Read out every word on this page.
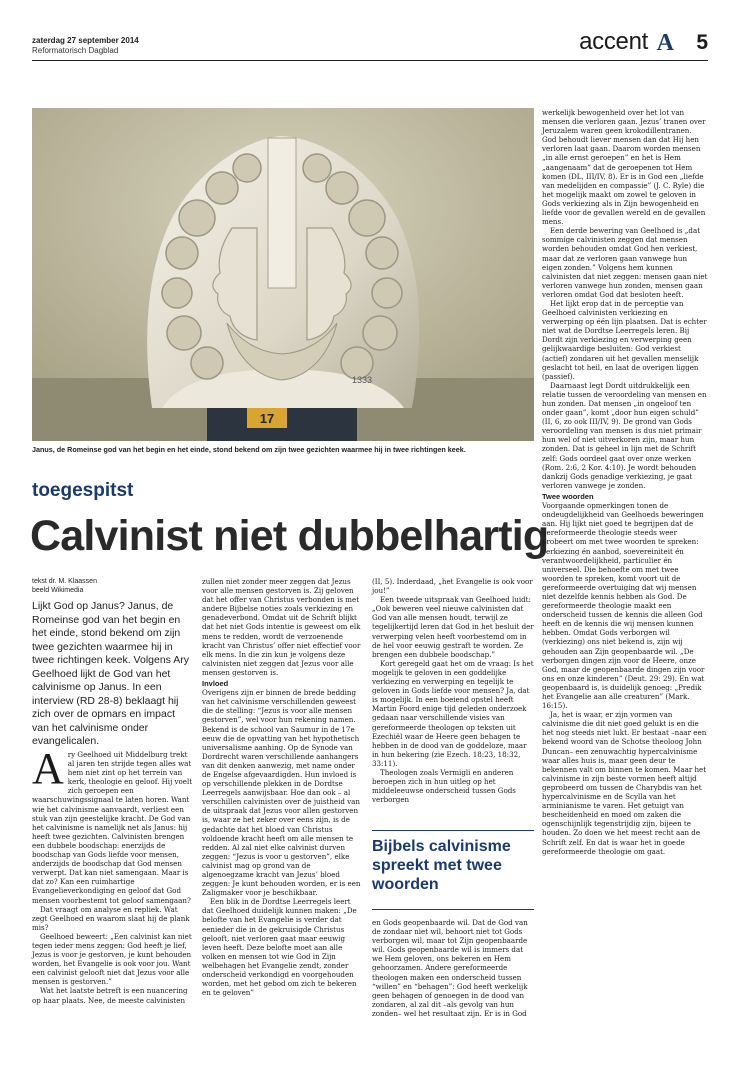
zaterdag 27 september 2014
Reformatorisch Dagblad	accent A 5
17
1333
Janus, de Romeinse god van het begin en het einde, stond bekend om zijn twee gezichten waarmee hij in twee richtingen keek.
toegespitst
Calvinist niet dubbelhartig
tekst dr. M. Klaassen
beeld Wikimedia
Lijkt God op Janus? Janus, de Romeinse god van het begin en het einde, stond bekend om zijn twee gezichten waarmee hij in twee richtingen keek. Volgens Ary Geelhoed lijkt de God van het calvinisme op Janus. In een interview (RD 28-8) beklaagt hij zich over de opmars en impact van het calvinisme onder evangelicalen.

Ary Geelhoed uit Middelburg trekt al jaren ten strijde tegen alles wat hem niet zint op het terrein van kerk, theologie en geloof. Hij voelt zich geroepen een waarschuwingssignaal te laten horen. Want wie het calvinisme aanvaardt, verliest een stuk van zijn geestelijke kracht. De God van het calvinisme is namelijk net als Janus: hij heeft twee gezichten. Calvinisten brengen een dubbele boodschap: enerzijds de boodschap van Gods liefde voor mensen, anderzijds de boodschap dat God mensen verwerpt. Dat kan niet samengaan. Maar is dat zo? Kan een ruimhartige Evangelieverkondiging en geloof dat God mensen voorbestemt tot geloof samengaan?

Dat vraagt om analyse en repliek. Wat zegt Geelhoed en waarom slaat hij de plank mis?

Geelhoed beweert: „Een calvinist kan niet tegen ieder mens zeggen: God heeft je lief, Jezus is voor je gestorven, je kunt behouden worden, het Evangelie is ook voor jou. Want een calvinist gelooft niet dat Jezus voor alle mensen is gestorven.”

Wat het laatste betreft is een nuancering op haar plaats. Nee, de meeste calvinisten

zullen niet zonder meer zeggen dat Jezus voor alle mensen gestorven is. Zij geloven dat het offer van Christus verbonden is met andere Bijbelse noties zoals verkiezing en genadeverbond. Omdat uit de Schrift blijkt dat het niet Gods intentie is geweest om elk mens te redden, wordt de verzoenende kracht van Christus’ offer niet effectief voor elk mens. In die zin kun je volgens deze calvinisten niet zeggen dat Jezus voor alle mensen gestorven is.

Invloed

Overigens zijn er binnen de brede bedding van het calvinisme verschillenden geweest die de stelling: “Jezus is voor alle mensen gestorven”, wel voor hun rekening namen. Bekend is de school van Saumur in de 17e eeuw die de opvatting van het hypothetisch universalisme aanhing. Op de Synode van Dordrecht waren verschillende aanhangers van dit denken aanwezig, met name onder de Engelse afgevaardigden. Hun invloed is op verschillende plekken in de Dordtse Leerregels aanwijsbaar. Hoe dan ook – al verschillen calvinisten over de juistheid van de uitspraak dat Jezus voor allen gestorven is, waar ze het zeker over eens zijn, is de gedachte dat het bloed van Christus voldoende kracht heeft om alle mensen te redden. Al zal niet elke calvinist durven zeggen: “Jezus is voor u gestorven”, elke calvinist mag op grond van de algenoegzame kracht van Jezus’ bloed zeggen: Je kunt behouden worden, er is een Zaligmaker voor je beschikbaar.

Een blik in de Dordtse Leerregels leert dat Geelhoed duidelijk kunnen maken: „De belofte van het Evangelie is verder dat eenieder die in de gekruisigde Christus gelooft, niet verloren gaat maar eeuwig leven heeft. Deze belofte moet aan alle volken en mensen tot wie God in Zijn welbehagen het Evangelie zendt, zonder onderscheid verkondigd en voorgehouden worden, met het gebod om zich te bekeren en te geloven”

(II, 5). Inderdaad, „het Evangelie is ook voor jou!”

Een tweede uitspraak van Geelhoed luidt: „Ook beweren veel nieuwe calvinisten dat God van alle mensen houdt, terwijl ze tegelijkertijd leren dat God in het besluit der verwerping velen heeft voorbestemd om in de hel voor eeuwig gestraft te worden. Ze brengen een dubbele boodschap.”

Kort geregeld gaat het om de vraag: Is het mogelijk te geloven in een goddelijke verkiezing en verwerping en tegelijk te geloven in Gods liefde voor mensen? Ja, dat is mogelijk. In een boeiend opstel heeft Martin Foord enige tijd geleden onderzoek gedaan naar verschillende visies van gereformeerde theologen op teksten uit Ezechiël waar de Heere geen behagen te hebben in de dood van de goddeloze, maar in hun bekering (zie Ezech. 18:23, 18:32, 33:11).

Theologen zoals Vermigli en anderen beroepen zich in hun uitleg op het middeleeuwse onderscheid tussen Gods verborgen

Bijbels calvinisme spreekt met twee woorden

en Gods geopenbaarde wil. Dat de God van de zondaar niet wil, behoort niet tot Gods verborgen wil, maar tot Zijn geopenbaarde wil. Gods geopenbaarde wil is immers dat we Hem geloven, ons bekeren en Hem gehoorzamen. Andere gereformeerde theologen maken een onderscheid tussen “willen” en “behagen”: God heeft werkelijk geen behagen of genoegen in de dood van zondaren, al zal dit –als gevolg van hun zonden– wel het resultaat zijn. Er is in God

werkelijk bewogenheid over het lot van mensen die verloren gaan. Jezus’ tranen over Jeruzalem waren geen krokodillentranen. God behoudt liever mensen dan dat Hij hen verloren laat gaan. Daarom worden mensen „in alle ernst geroepen” en het is Hem „aangenaam” dat de geroepenen tot Hem komen (DL, III/IV, 8). Er is in God een „liefde van medelijden en compassie” (J. C. Ryle) die het mogelijk maakt om zowel te geloven in Gods verkiezing als in Zijn bewogenheid en liefde voor de gevallen wereld en de gevallen mens.

Een derde bewering van Geelhoed is „dat sommige calvinisten zeggen dat mensen worden behouden omdat God hen verkiest, maar dat ze verloren gaan vanwege hun eigen zonden.” Volgens hem kunnen calvinisten dat niet zeggen: mensen gaan niet verloren vanwege hun zonden, mensen gaan verloren omdat God dat besloten heeft.

Het lijkt erop dat in de perceptie van Geelhoed calvinisten verkiezing en verwerping op één lijn plaatsen. Dat is echter niet wat de Dordtse Leerregels leren. Bij Dordt zijn verkiezing en verwerping geen gelijkwaardige besluiten: God verkiest (actief) zondaren uit het gevallen menselijk geslacht tot heil, en laat de overigen liggen (passief).

Daarnaast legt Dordt uitdrukkelijk een relatie tussen de veroordeling van mensen en hun zonden. Dat mensen „in ongeloof ten onder gaan”, komt „door hun eigen schuld” (II, 6, zo ook III/IV, 9). De grond van Gods veroordeling van mensen is dus niet primair hun wel of niet uitverkoren zijn, maar hun zonden. Dat is geheel in lijn met de Schrift zelf: Gods oordeel gaat over onze werken (Rom. 2:6, 2 Kor. 4:10). Je wordt behouden dankzij Gods genadige verkiezing, je gaat verloren vanwege je zonden.

Twee woorden

Voorgaande opmerkingen tonen de ondeugdelijkheid van Geelhoeds beweringen aan. Hij lijkt niet goed te begrijpen dat de gereformeerde theologie steeds weer probeert om met twee woorden te spreken: verkiezing én aanbod, soevereiniteit én verantwoordelijkheid, particulier én universeel. Die behoefte om met twee woorden te spreken, komt voort uit de gereformeerde overtuiging dat wij mensen niet dezelfde kennis hebben als God. De gereformeerde theologie maakt een onderscheid tussen de kennis die alleen God heeft en de kennis die wij mensen kunnen hebben. Omdat Gods verborgen wil (verkiezing) ons niet bekend is, zijn wij gehouden aan Zijn geopenbaarde wil. „De verborgen dingen zijn voor de Heere, onze God, maar de geopenbaarde dingen zijn voor ons en onze kinderen” (Deut. 29: 29). En wat geopenbaard is, is duidelijk genoeg: „Predik het Evangelie aan alle creaturen” (Mark. 16:15).

Ja, het is waar, er zijn vormen van calvinisme die dit niet goed gelukt is en die het nog steeds niet lukt. Er bestaat –naar een bekend woord van de Schotse theoloog John Duncan– een zenuwachtig hypercalvinisme waar alles huis is, maar geen deur te bekennen valt om binnen te komen. Maar het calvinisme in zijn beste vormen heeft altijd geprobeerd om tussen de Charybdis van het hypercalvinisme en de Scylla van het arminianisme te varen. Het getuigt van bescheidenheid en moed om zaken die ogenschijnlijk tegenstrijdig zijn, bijeen te houden. Zo doen we het meest recht aan de Schrift zelf. En dat is waar het in goede gereformeerde theologie om gaat.
